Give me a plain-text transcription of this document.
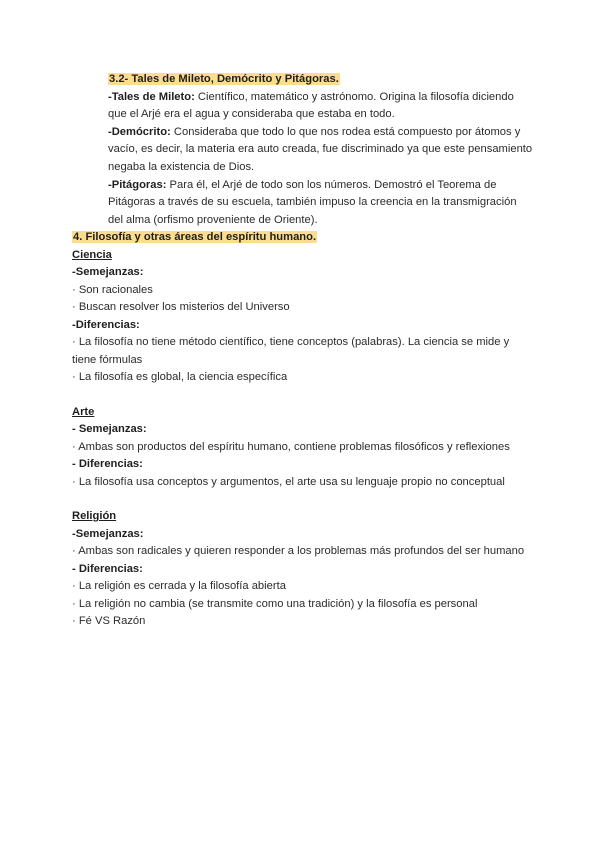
3.2- Tales de Mileto, Demócrito y Pitágoras.
-Tales de Mileto: Científico, matemático y astrónomo. Origina la filosofía diciendo
que el Arjé era el agua y consideraba que estaba en todo.
-Demócrito: Consideraba que todo lo que nos rodea está compuesto por átomos y
vacío, es decir, la materia era auto creada, fue discriminado ya que este pensamiento
negaba la existencia de Dios.
-Pitágoras: Para él, el Arjé de todo son los números. Demostró el Teorema de
Pitágoras a través de su escuela, también impuso la creencia en la transmigración
del alma (orfismo proveniente de Oriente).
4. Filosofía y otras áreas del espíritu humano.
Ciencia
-Semejanzas:
· Son racionales
· Buscan resolver los misterios del Universo
-Diferencias:
· La filosofía no tiene método científico, tiene conceptos (palabras). La ciencia se mide y
tiene fórmulas
· La filosofía es global, la ciencia específica
Arte
- Semejanzas:
· Ambas son productos del espíritu humano, contiene problemas filosóficos y reflexiones
- Diferencias:
· La filosofía usa conceptos y argumentos, el arte usa su lenguaje propio no conceptual
Religión
-Semejanzas:
· Ambas son radicales y quieren responder a los problemas más profundos del ser humano
- Diferencias:
· La religión es cerrada y la filosofía abierta
· La religión no cambia (se transmite como una tradición) y la filosofía es personal
· Fé VS Razón
